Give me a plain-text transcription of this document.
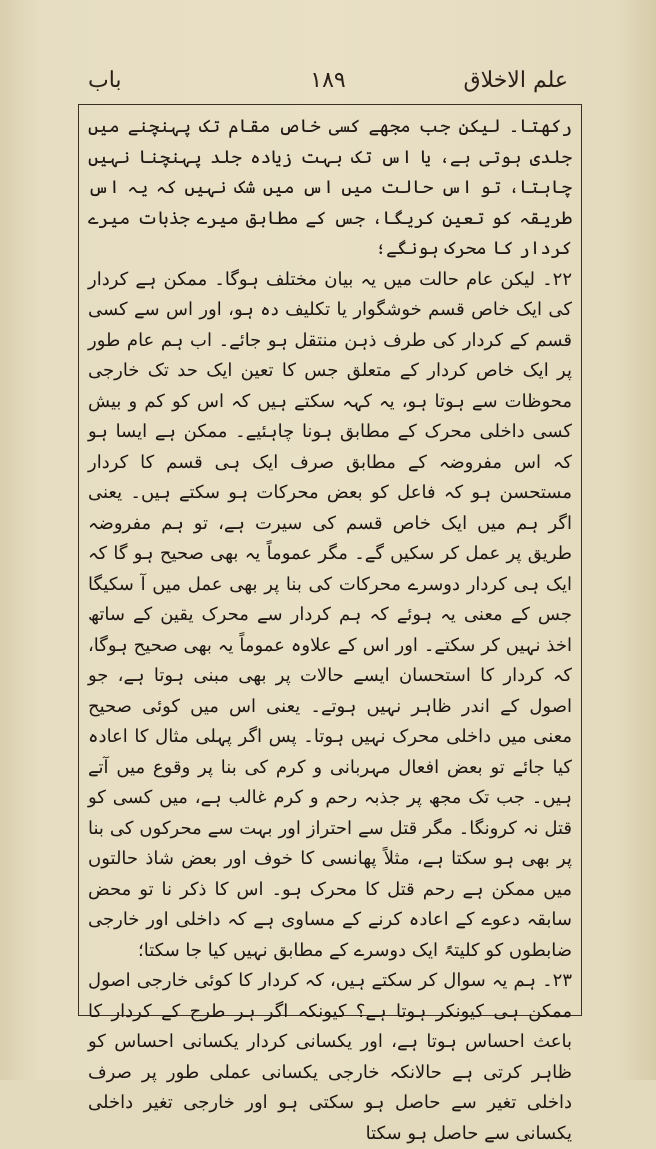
باب	۱۸۹	علم الاخلاق

رکھتا۔ لیکن جب مجھے کسی خاص مقام تک پہنچنے میں جلدی ہوتی ہے، یا اس تک بہت زیادہ جلد پہنچنا نہیں چاہتا، تو اس حالت میں اس میں شک نہیں کہ یہ اس طریقہ کو تعین کریگا، جس کے مطابق میرے جذبات میرے کردار کا محرک ہونگے؛

۲۲۔ لیکن عام حالت میں یہ بیان مختلف ہوگا۔ ممکن ہے کردار کی ایک خاص قسم خوشگوار یا تکلیف دہ ہو، اور اس سے کسی قسم کے کردار کی طرف ذہن منتقل ہو جائے۔ اب ہم عام طور پر ایک خاص کردار کے متعلق جس کا تعین ایک حد تک خارجی محوظات سے ہوتا ہو، یہ کہہ سکتے ہیں کہ اس کو کم و بیش کسی داخلی محرک کے مطابق ہونا چاہئیے۔ ممکن ہے ایسا ہو کہ اس مفروضہ کے مطابق صرف ایک ہی قسم کا کردار مستحسن ہو کہ فاعل کو بعض محرکات ہو سکتے ہیں۔ یعنی اگر ہم میں ایک خاص قسم کی سیرت ہے، تو ہم مفروضہ طریق پر عمل کر سکیں گے۔ مگر عموماً یہ بھی صحیح ہو گا کہ ایک ہی کردار دوسرے محرکات کی بنا پر بھی عمل میں آ سکیگا جس کے معنی یہ ہوئے کہ ہم کردار سے محرک یقین کے ساتھ اخذ نہیں کر سکتے۔ اور اس کے علاوہ عموماً یہ بھی صحیح ہوگا، کہ کردار کا استحسان ایسے حالات پر بھی مبنی ہوتا ہے، جو اصول کے اندر ظاہر نہیں ہوتے۔ یعنی اس میں کوئی صحیح معنی میں داخلی محرک نہیں ہوتا۔ پس اگر پہلی مثال کا اعادہ کیا جائے تو بعض افعال مہربانی و کرم کی بنا پر وقوع میں آتے ہیں۔ جب تک مجھ پر جذبہ رحم و کرم غالب ہے، میں کسی کو قتل نہ کرونگا۔ مگر قتل سے احتراز اور بہت سے محرکوں کی بنا پر بھی ہو سکتا ہے، مثلاً پھانسی کا خوف اور بعض شاذ حالتوں میں ممکن ہے رحم قتل کا محرک ہو۔ اس کا ذکر نا تو محض سابقہ دعوے کے اعادہ کرنے کے مساوی ہے کہ داخلی اور خارجی ضابطوں کو کلیتہً ایک دوسرے کے مطابق نہیں کیا جا سکتا؛

۲۳۔ ہم یہ سوال کر سکتے ہیں، کہ کردار کا کوئی خارجی اصول ممکن ہی کیونکر ہوتا ہے؟ کیونکہ اگر ہر طرح کے کردار کا باعث احساس ہوتا ہے، اور یکسانی کردار یکسانی احساس کو ظاہر کرتی ہے حالانکہ خارجی یکسانی عملی طور پر صرف داخلی تغیر سے حاصل ہو سکتی ہو اور خارجی تغیر داخلی یکسانی سے حاصل ہو سکتا
